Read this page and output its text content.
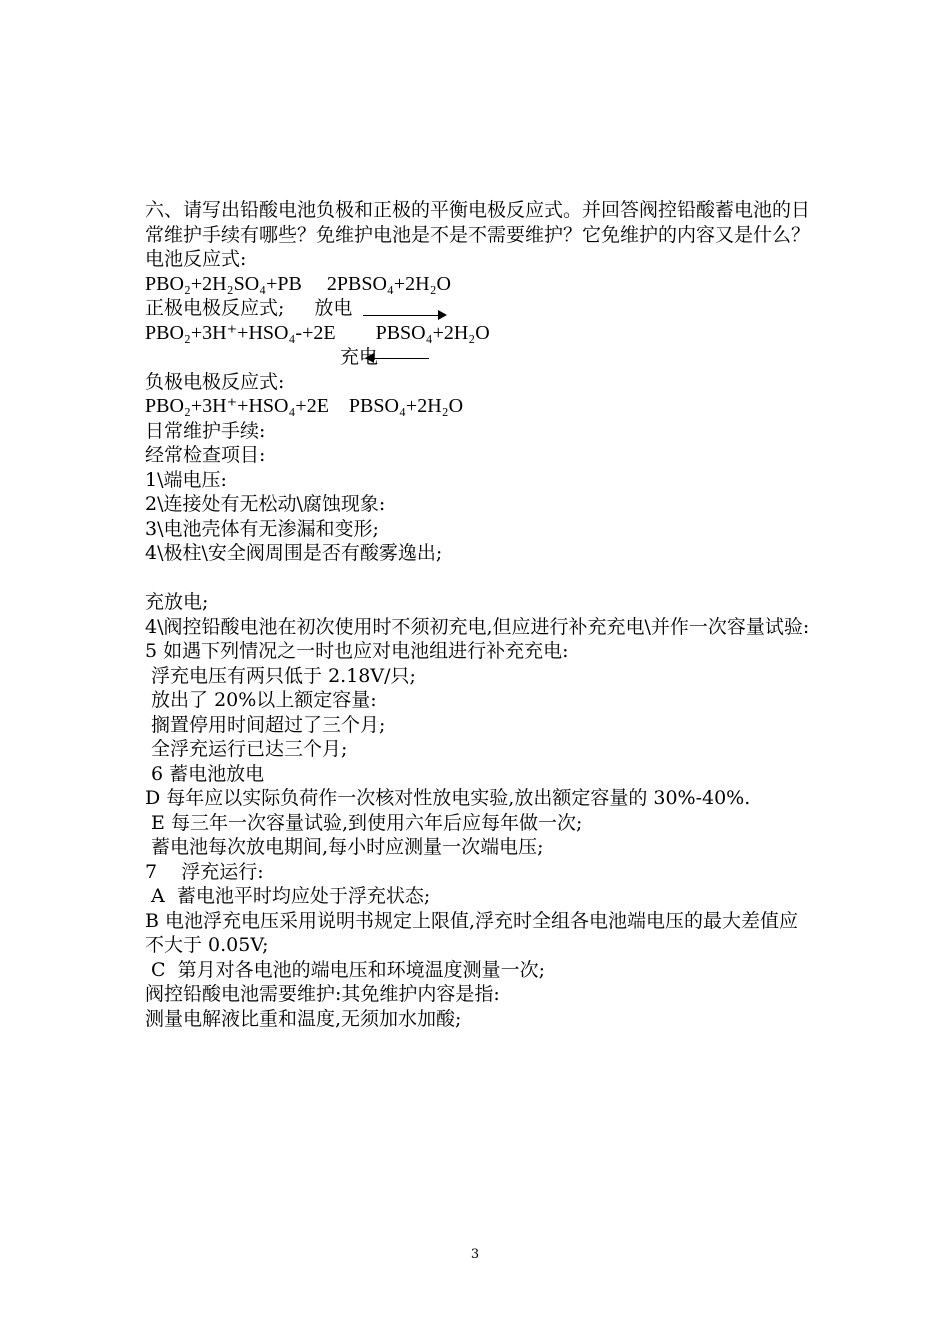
六、请写出铅酸电池负极和正极的平衡电极反应式。并回答阀控铅酸蓄电池的日常维护手续有哪些？免维护电池是不是不需要维护？它免维护的内容又是什么？
电池反应式:
PBO₂+2H₂SO₄+PB     2PBSO₄+2H₂O
正极电极反应式; 放电
PBO₂+3H⁺+HSO₄-+2E        PBSO₄+2H₂O
充电
负极电极反应式:
PBO₂+3H⁺+HSO₄+2E    PBSO₄+2H₂O
日常维护手续:
经常检查项目:
1\端电压:
2\连接处有无松动\腐蚀现象:
3\电池壳体有无渗漏和变形;
4\极柱\安全阀周围是否有酸雾逸出;
充放电;
4\阀控铅酸电池在初次使用时不须初充电,但应进行补充充电\并作一次容量试验:
5 如遇下列情况之一时也应对电池组进行补充充电:
浮充电压有两只低于 2.18V/只;
放出了 20%以上额定容量:
搁置停用时间超过了三个月;
全浮充运行已达三个月;
6 蓄电池放电
D 每年应以实际负荷作一次核对性放电实验,放出额定容量的 30%-40%.
E 每三年一次容量试验,到使用六年后应每年做一次;
蓄电池每次放电期间,每小时应测量一次端电压;
7    浮充运行:
A  蓄电池平时均应处于浮充状态;
B 电池浮充电压采用说明书规定上限值,浮充时全组各电池端电压的最大差值应不大于 0.05V;
C  第月对各电池的端电压和环境温度测量一次;
阀控铅酸电池需要维护:其免维护内容是指:
测量电解液比重和温度,无须加水加酸;
3
